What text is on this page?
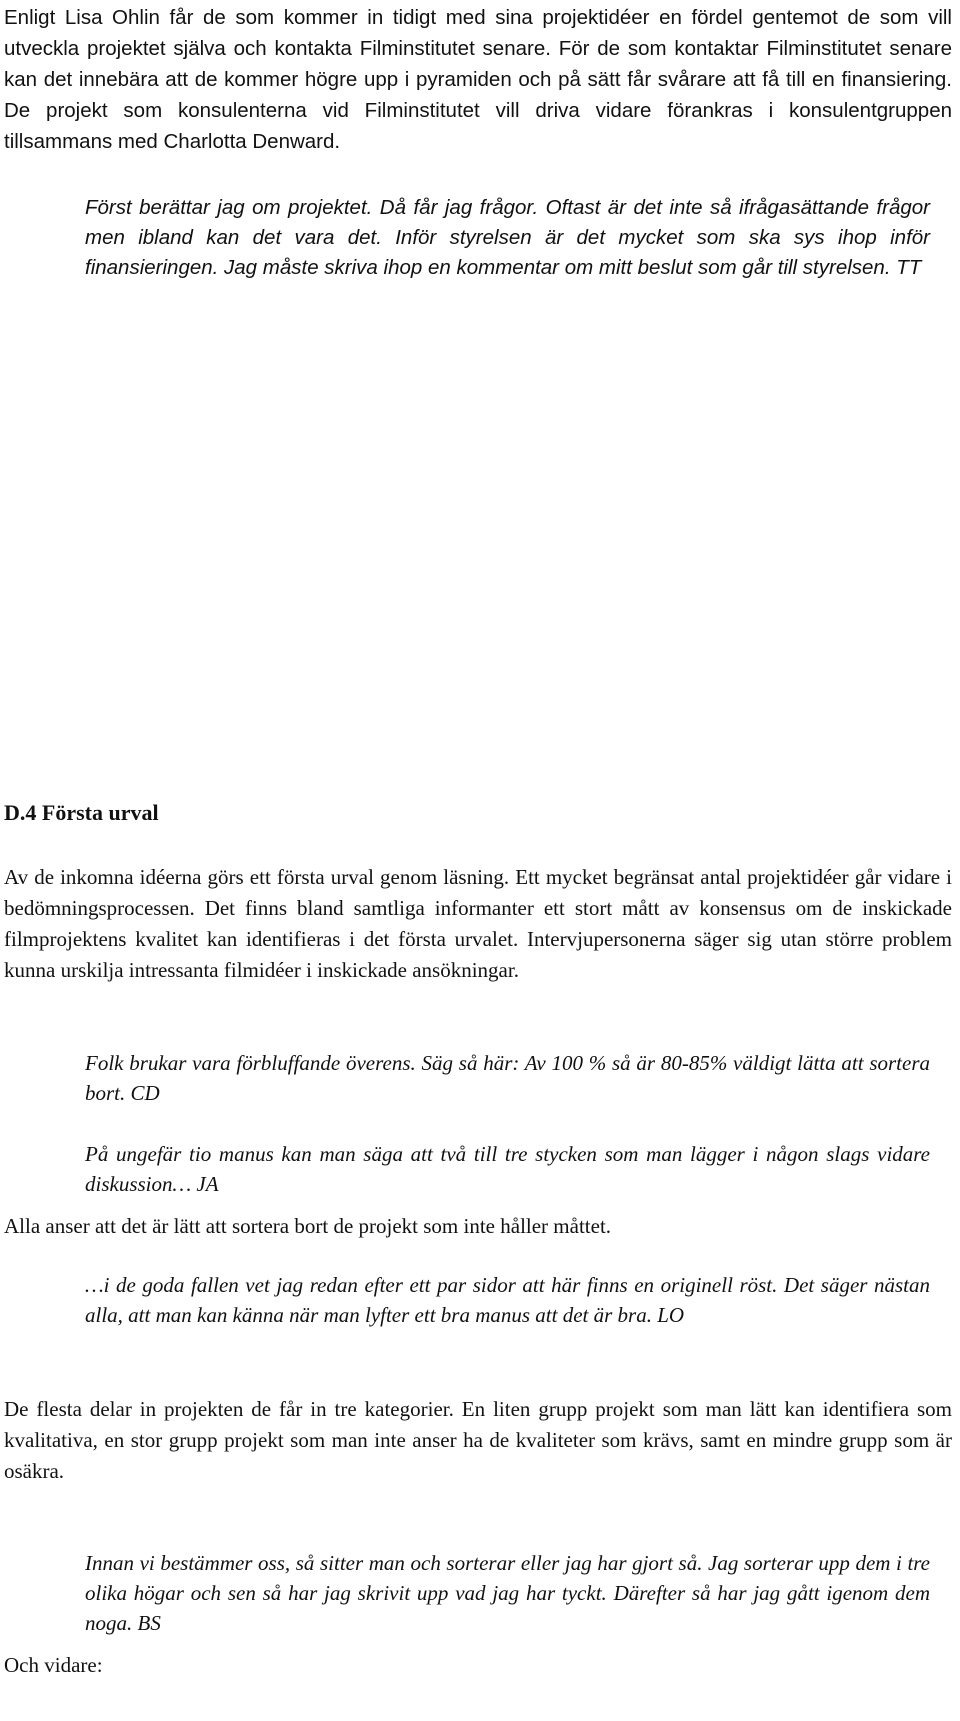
Enligt Lisa Ohlin får de som kommer in tidigt med sina projektidéer en fördel gentemot de som vill utveckla projektet själva och kontakta Filminstitutet senare. För de som kontaktar Filminstitutet senare kan det innebära att de kommer högre upp i pyramiden och på sätt får svårare att få till en finansiering. De projekt som konsulenterna vid Filminstitutet vill driva vidare förankras i konsulentgruppen tillsammans med Charlotta Denward.

Först berättar jag om projektet. Då får jag frågor. Oftast är det inte så ifrågasättande frågor men ibland kan det vara det. Inför styrelsen är det mycket som ska sys ihop inför finansieringen. Jag måste skriva ihop en kommentar om mitt beslut som går till styrelsen. TT

D.4 Första urval

Av de inkomna idéerna görs ett första urval genom läsning. Ett mycket begränsat antal projektidéer går vidare i bedömningsprocessen. Det finns bland samtliga informanter ett stort mått av konsensus om de inskickade filmprojektens kvalitet kan identifieras i det första urvalet. Intervjupersonerna säger sig utan större problem kunna urskilja intressanta filmidéer i inskickade ansökningar.

Folk brukar vara förbluffande överens. Säg så här: Av 100 % så är 80-85% väldigt lätta att sortera bort. CD

På ungefär tio manus kan man säga att två till tre stycken som man lägger i någon slags vidare diskussion… JA

Alla anser att det är lätt att sortera bort de projekt som inte håller måttet.

…i de goda fallen vet jag redan efter ett par sidor att här finns en originell röst. Det säger nästan alla, att man kan känna när man lyfter ett bra manus att det är bra. LO

De flesta delar in projekten de får in tre kategorier. En liten grupp projekt som man lätt kan identifiera som kvalitativa, en stor grupp projekt som man inte anser ha de kvaliteter som krävs, samt en mindre grupp som är osäkra.

Innan vi bestämmer oss, så sitter man och sorterar eller jag har gjort så. Jag sorterar upp dem i tre olika högar och sen så har jag skrivit upp vad jag har tyckt. Därefter så har jag gått igenom dem noga. BS

Och vidare:
